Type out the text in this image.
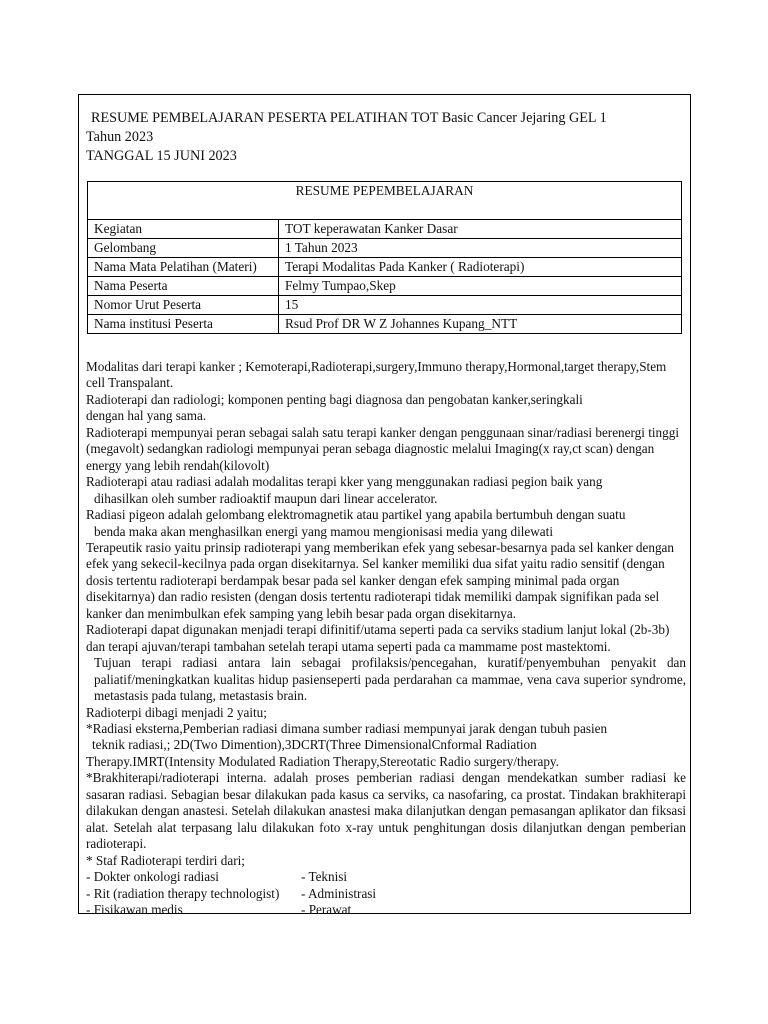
RESUME PEMBELAJARAN PESERTA PELATIHAN TOT Basic Cancer Jejaring GEL 1
Tahun 2023
TANGGAL 15 JUNI 2023
RESUME PEPEMBELAJARAN	
Kegiatan	TOT keperawatan Kanker Dasar
Gelombang	1 Tahun 2023
Nama Mata Pelatihan (Materi)	Terapi Modalitas Pada Kanker ( Radioterapi)
Nama Peserta	Felmy Tumpao,Skep
Nomor Urut Peserta	15
Nama institusi Peserta	Rsud Prof DR W Z Johannes Kupang_NTT

Modalitas dari terapi kanker ; Kemoterapi,Radioterapi,surgery,Immuno therapy,Hormonal,target therapy,Stem cell Transpalant.

Radioterapi dan radiologi; komponen penting bagi diagnosa dan pengobatan kanker,seringkali

dengan hal yang sama.

Radioterapi mempunyai peran sebagai salah satu terapi kanker dengan penggunaan sinar/radiasi berenergi tinggi (megavolt) sedangkan radiologi mempunyai peran sebaga diagnostic melalui Imaging(x ray,ct scan) dengan energy yang lebih rendah(kilovolt)

Radioterapi atau radiasi adalah modalitas terapi kker yang menggunakan radiasi pegion baik yang

dihasilkan oleh sumber radioaktif maupun dari linear accelerator.

Radiasi pigeon adalah gelombang elektromagnetik atau partikel yang apabila bertumbuh dengan suatu

benda maka akan menghasilkan energi yang mamou mengionisasi media yang dilewati

Terapeutik rasio yaitu prinsip radioterapi yang memberikan efek yang sebesar-besarnya pada sel kanker dengan efek yang sekecil-kecilnya pada organ disekitarnya. Sel kanker memiliki dua sifat yaitu radio sensitif (dengan dosis tertentu radioterapi berdampak besar pada sel kanker dengan efek samping minimal pada organ disekitarnya) dan radio resisten (dengan dosis tertentu radioterapi tidak memiliki dampak signifikan pada sel kanker dan menimbulkan efek samping yang lebih besar pada organ disekitarnya.

Radioterapi dapat digunakan menjadi terapi difinitif/utama seperti pada ca serviks stadium lanjut lokal (2b-3b) dan terapi ajuvan/terapi tambahan setelah terapi utama seperti pada ca mammame post mastektomi.

Tujuan terapi radiasi antara lain sebagai profilaksis/pencegahan, kuratif/penyembuhan penyakit dan paliatif/meningkatkan kualitas hidup pasienseperti pada perdarahan ca mammae, vena cava superior syndrome, metastasis pada tulang, metastasis brain.

Radioterpi dibagi menjadi 2 yaitu;

*Radiasi eksterna,Pemberian radiasi dimana sumber radiasi mempunyai jarak dengan tubuh pasien

teknik radiasi,; 2D(Two Dimention),3DCRT(Three DimensionalCnformal Radiation

Therapy.IMRT(Intensity Modulated Radiation Therapy,Stereotatic Radio surgery/therapy.

*Brakhiterapi/radioterapi interna. adalah proses pemberian radiasi dengan mendekatkan sumber radiasi ke sasaran radiasi. Sebagian besar dilakukan pada kasus ca serviks, ca nasofaring, ca prostat. Tindakan brakhiterapi dilakukan dengan anastesi. Setelah dilakukan anastesi maka dilanjutkan dengan pemasangan aplikator dan fiksasi alat. Setelah alat terpasang lalu dilakukan foto x-ray untuk penghitungan dosis dilanjutkan dengan pemberian radioterapi.

* Staf Radioterapi terdiri dari;

- Dokter onkologi radiasi	- Teknisi
- Rit (radiation therapy technologist)	- Administrasi
- Fisikawan medis	- Perawat
